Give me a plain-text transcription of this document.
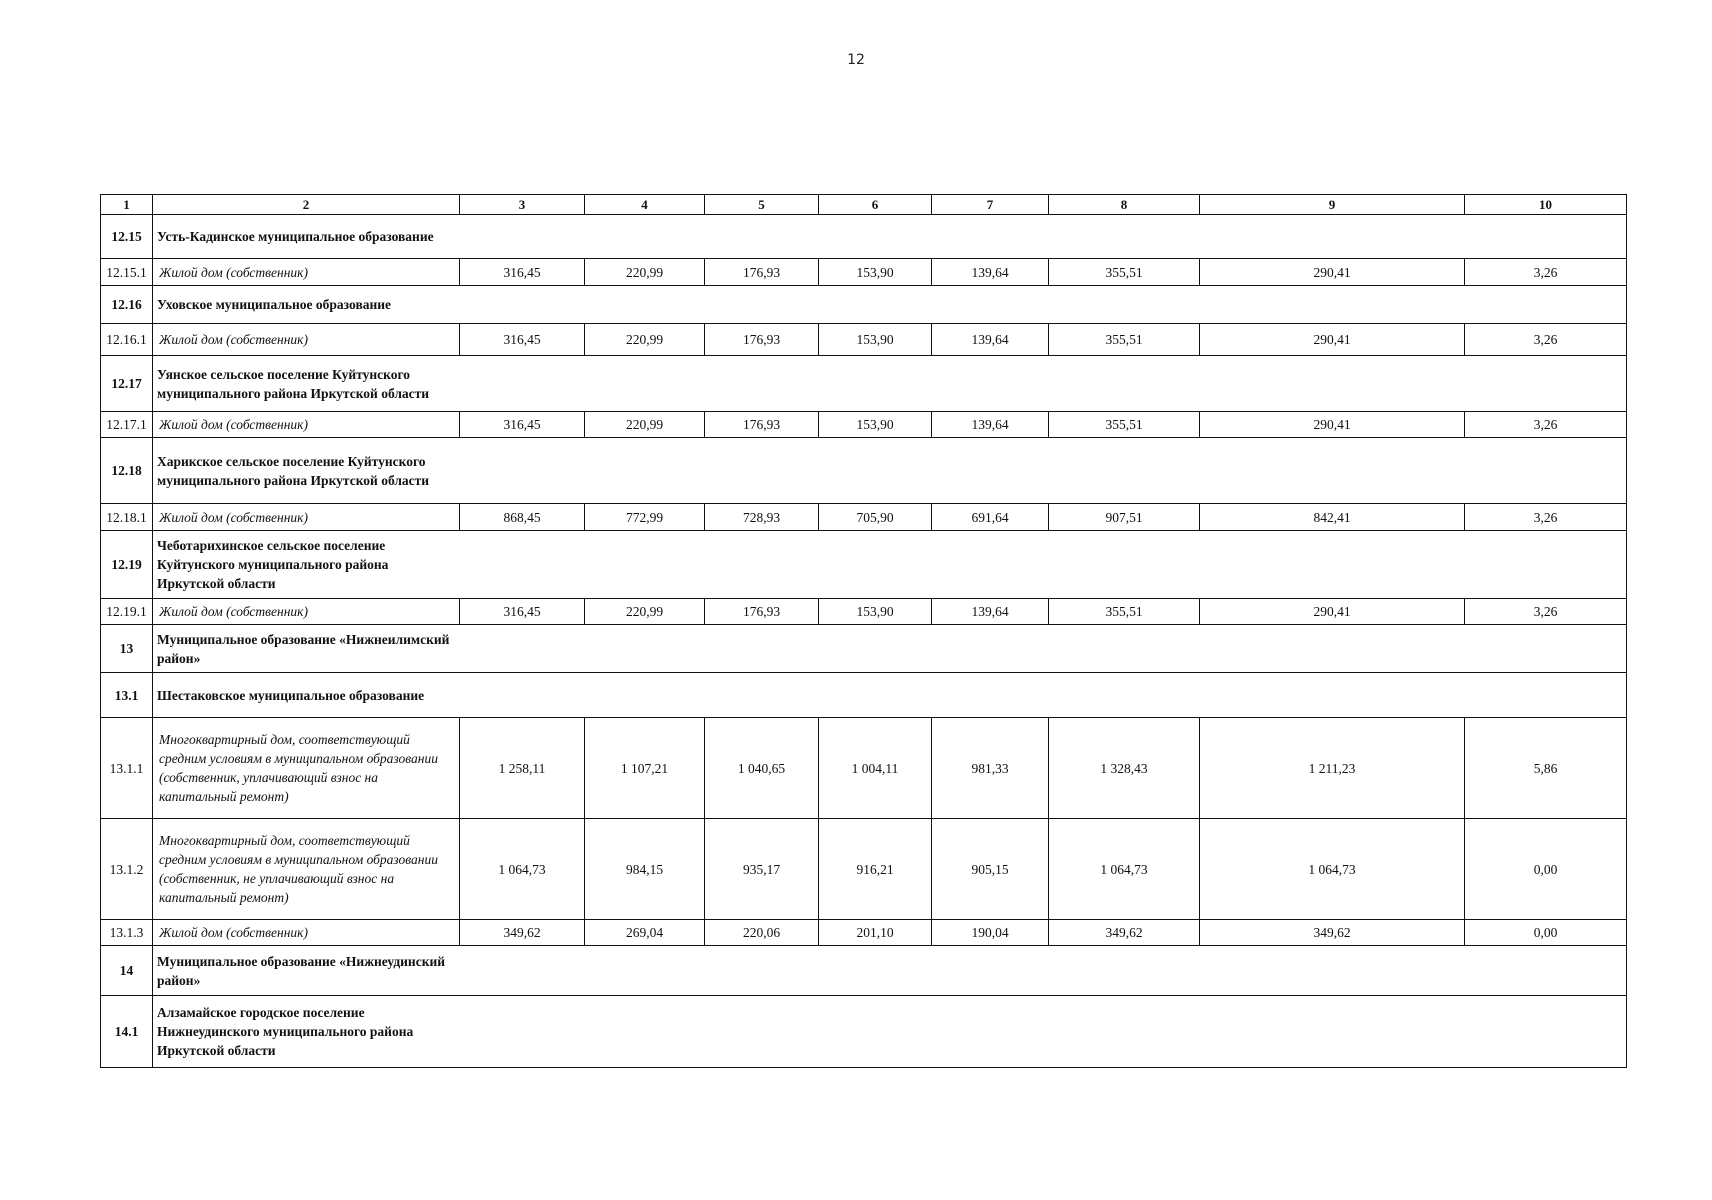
12
1	2	3	4	5	6	7	8	9	10
12.15	Усть-Кадинское муниципальное образование								

12.15.1	Жилой дом (собственник)	316,45	220,99	176,93	153,90	139,64	355,51	290,41	3,26
12.16	Уховское муниципальное образование								

12.16.1	Жилой дом (собственник)	316,45	220,99	176,93	153,90	139,64	355,51	290,41	3,26
12.17	Уянское сельское поселение Куйтунского муниципального района Иркутской области								

12.17.1	Жилой дом (собственник)	316,45	220,99	176,93	153,90	139,64	355,51	290,41	3,26
12.18	Харикское сельское поселение Куйтунского муниципального района Иркутской области								

12.18.1	Жилой дом (собственник)	868,45	772,99	728,93	705,90	691,64	907,51	842,41	3,26
12.19	Чеботарихинское сельское поселение Куйтунского муниципального района Иркутской области								

12.19.1	Жилой дом (собственник)	316,45	220,99	176,93	153,90	139,64	355,51	290,41	3,26
13	Муниципальное образование «Нижнеилимский район»								

13.1	Шестаковское муниципальное образование								

13.1.1	Многоквартирный дом, соответствующий средним условиям в муниципальном образовании (собственник, уплачивающий взнос на капитальный ремонт)	1 258,11	1 107,21	1 040,65	1 004,11	981,33	1 328,43	1 211,23	5,86
13.1.2	Многоквартирный дом, соответствующий средним условиям в муниципальном образовании (собственник, не уплачивающий взнос на капитальный ремонт)	1 064,73	984,15	935,17	916,21	905,15	1 064,73	1 064,73	0,00
13.1.3	Жилой дом (собственник)	349,62	269,04	220,06	201,10	190,04	349,62	349,62	0,00
14	Муниципальное образование «Нижнеудинский район»								

14.1	Алзамайское городское поселение Нижнеудинского муниципального района Иркутской области								
